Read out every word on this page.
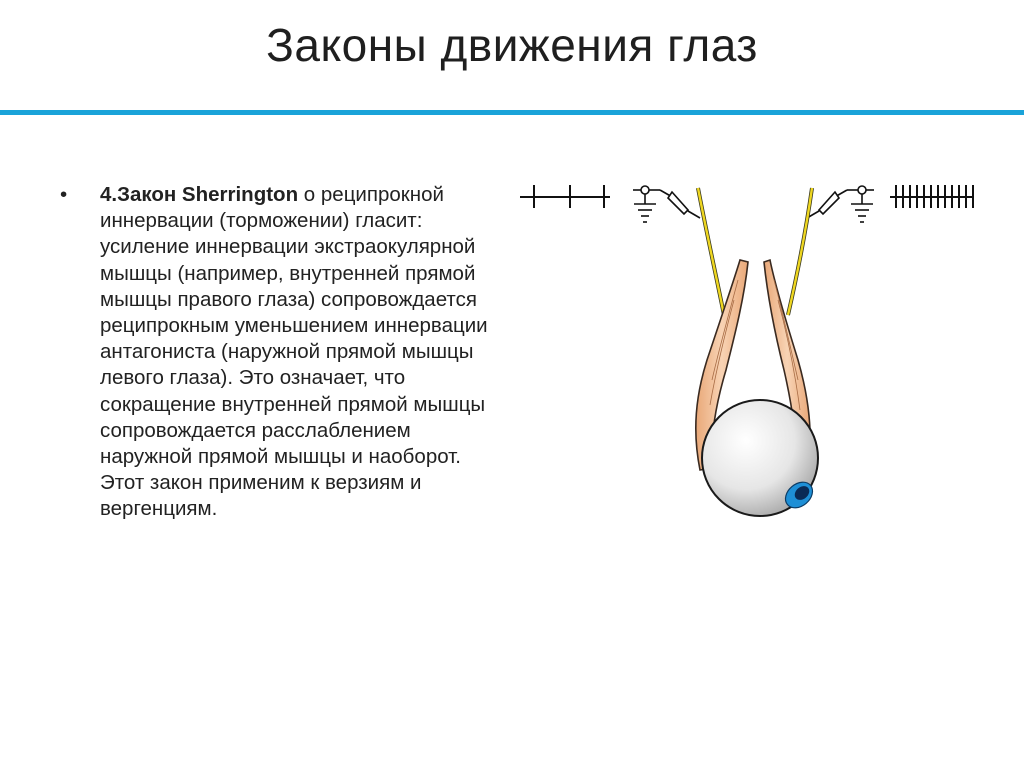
Законы движения глаз
•	4.Закон Sherrington о реципрокной иннервации (торможении) гласит: усиление иннервации экстраокулярной мышцы (например, внутренней прямой мышцы правого глаза) сопровождается реципрокным уменьшением иннервации антагониста (наружной прямой мышцы левого глаза). Это означает, что сокращение внутренней прямой мышцы сопровождается расслаблением наружной прямой мышцы и наоборот. Этот закон применим к верзиям и вергенциям.
